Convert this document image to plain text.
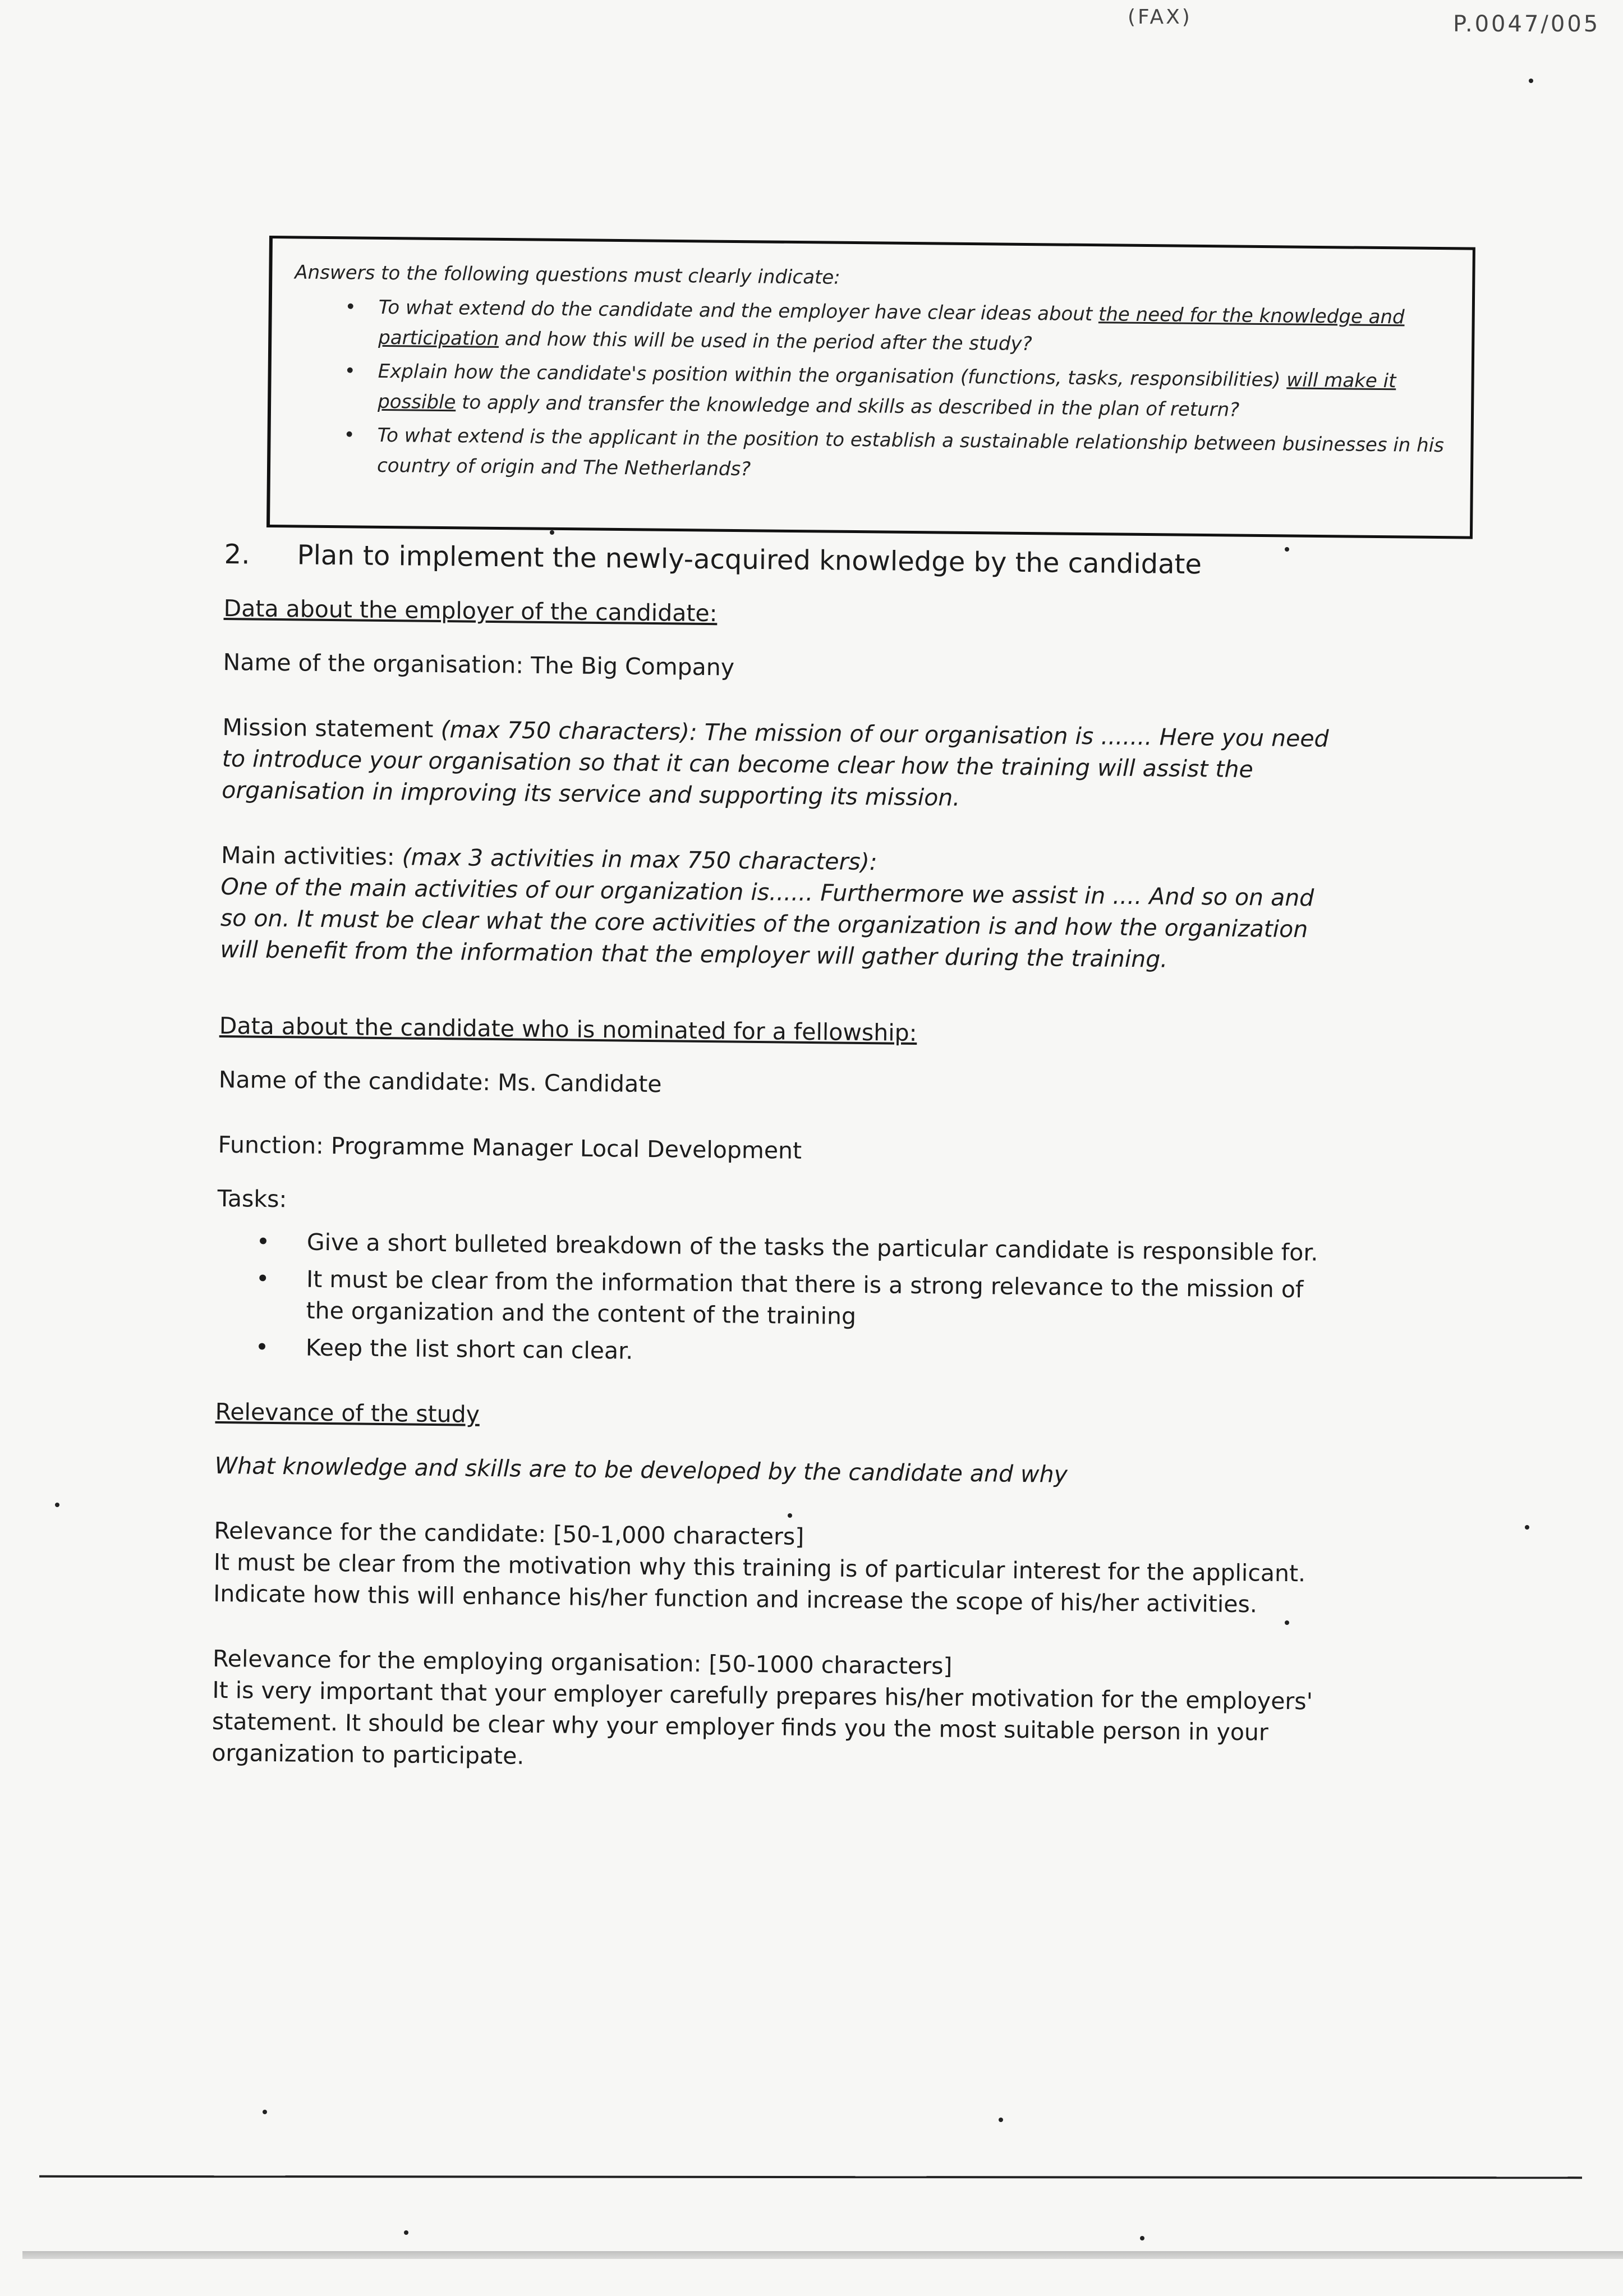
(FAX)	P.0047/005
Answers to the following questions must clearly indicate:
• To what extend do the candidate and the employer have clear ideas about the need for the knowledge and participation and how this will be used in the period after the study?
• Explain how the candidate's position within the organisation (functions, tasks, responsibilities) will make it possible to apply and transfer the knowledge and skills as described in the plan of return?
• To what extend is the applicant in the position to establish a sustainable relationship between businesses in his country of origin and The Netherlands?
2. Plan to implement the newly-acquired knowledge by the candidate
Data about the employer of the candidate:
Name of the organisation: The Big Company
Mission statement (max 750 characters): The mission of our organisation is ....... Here you need to introduce your organisation so that it can become clear how the training will assist the organisation in improving its service and supporting its mission.
Main activities: (max 3 activities in max 750 characters):
One of the main activities of our organization is...... Furthermore we assist in .... And so on and so on. It must be clear what the core activities of the organization is and how the organization will benefit from the information that the employer will gather during the training.
Data about the candidate who is nominated for a fellowship:
Name of the candidate: Ms. Candidate
Function: Programme Manager Local Development
Tasks:
• Give a short bulleted breakdown of the tasks the particular candidate is responsible for.
• It must be clear from the information that there is a strong relevance to the mission of the organization and the content of the training
• Keep the list short can clear.
Relevance of the study
What knowledge and skills are to be developed by the candidate and why
Relevance for the candidate: [50-1,000 characters]
It must be clear from the motivation why this training is of particular interest for the applicant. Indicate how this will enhance his/her function and increase the scope of his/her activities.
Relevance for the employing organisation: [50-1000 characters]
It is very important that your employer carefully prepares his/her motivation for the employers' statement. It should be clear why your employer finds you the most suitable person in your organization to participate.
